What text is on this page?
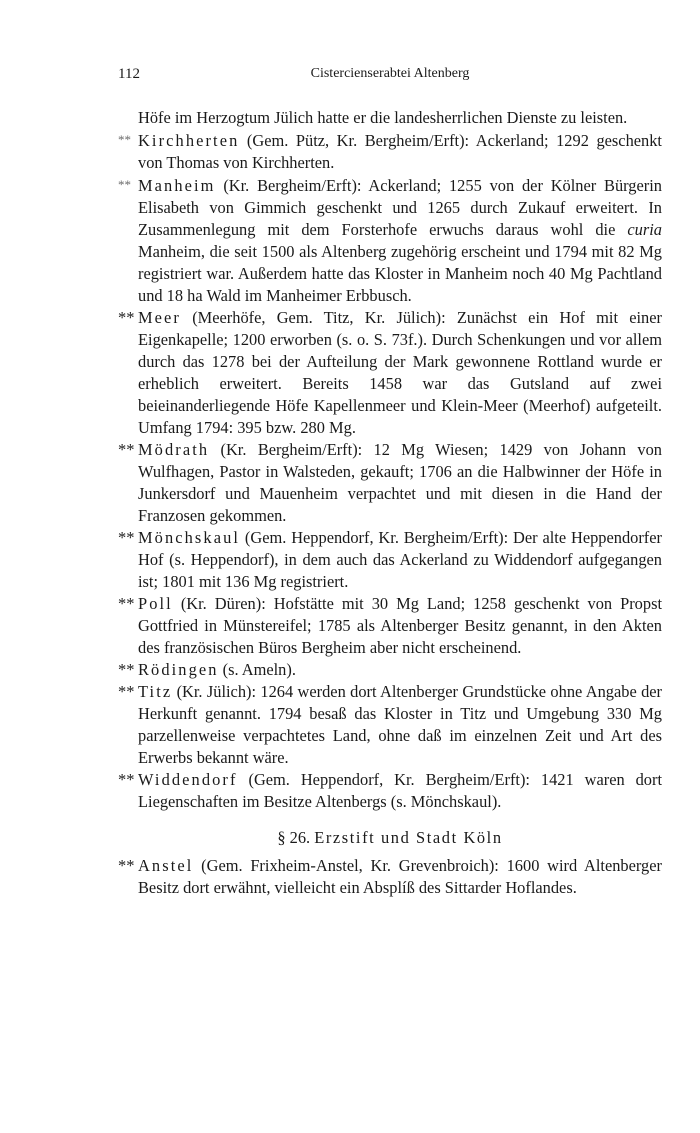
112	Cistercienserabtei Altenberg

Höfe im Herzogtum Jülich hatte er die landesherrlichen Dienste zu leisten.

** Kirchherten (Gem. Pütz, Kr. Bergheim/Erft): Ackerland; 1292 geschenkt von Thomas von Kirchherten.

** Manheim (Kr. Bergheim/Erft): Ackerland; 1255 von der Kölner Bürgerin Elisabeth von Gimmich geschenkt und 1265 durch Zukauf erweitert. In Zusammenlegung mit dem Forsterhofe erwuchs daraus wohl die curia Manheim, die seit 1500 als Altenberg zugehörig erscheint und 1794 mit 82 Mg registriert war. Außerdem hatte das Kloster in Manheim noch 40 Mg Pachtland und 18 ha Wald im Manheimer Erbbusch.

** Meer (Meerhöfe, Gem. Titz, Kr. Jülich): Zunächst ein Hof mit einer Eigenkapelle; 1200 erworben (s. o. S. 73f.). Durch Schenkungen und vor allem durch das 1278 bei der Aufteilung der Mark gewonnene Rottland wurde er erheblich erweitert. Bereits 1458 war das Gutsland auf zwei beieinanderliegende Höfe Kapellenmeer und Klein-Meer (Meerhof) aufgeteilt. Umfang 1794: 395 bzw. 280 Mg.

** Mödrath (Kr. Bergheim/Erft): 12 Mg Wiesen; 1429 von Johann von Wulfhagen, Pastor in Walsteden, gekauft; 1706 an die Halbwinner der Höfe in Junkersdorf und Mauenheim verpachtet und mit diesen in die Hand der Franzosen gekommen.

** Mönchskaul (Gem. Heppendorf, Kr. Bergheim/Erft): Der alte Heppendorfer Hof (s. Heppendorf), in dem auch das Ackerland zu Widdendorf aufgegangen ist; 1801 mit 136 Mg registriert.

** Poll (Kr. Düren): Hofstätte mit 30 Mg Land; 1258 geschenkt von Propst Gottfried in Münstereifel; 1785 als Altenberger Besitz genannt, in den Akten des französischen Büros Bergheim aber nicht erscheinend.

** Rödingen (s. Ameln).

** Titz (Kr. Jülich): 1264 werden dort Altenberger Grundstücke ohne Angabe der Herkunft genannt. 1794 besaß das Kloster in Titz und Umgebung 330 Mg parzellenweise verpachtetes Land, ohne daß im einzelnen Zeit und Art des Erwerbs bekannt wäre.

** Widdendorf (Gem. Heppendorf, Kr. Bergheim/Erft): 1421 waren dort Liegenschaften im Besitze Altenbergs (s. Mönchskaul).

§ 26. Erzstift und Stadt Köln

** Anstel (Gem. Frixheim-Anstel, Kr. Grevenbroich): 1600 wird Altenberger Besitz dort erwähnt, vielleicht ein Absplíß des Sittarder Hoflandes.
